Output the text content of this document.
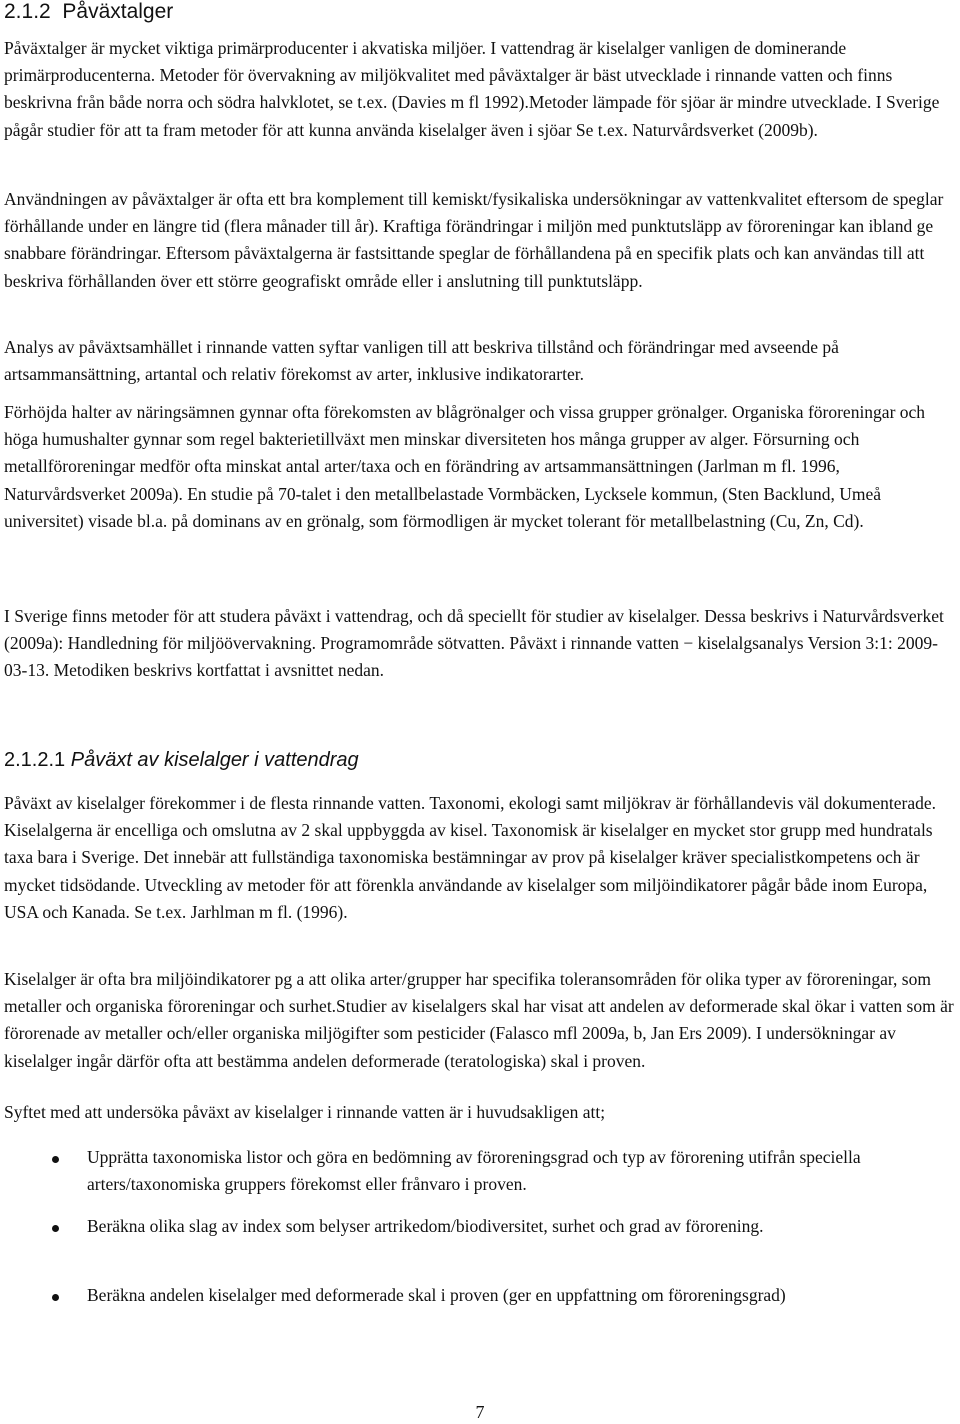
2.1.2 Påväxtalger

Påväxtalger är mycket viktiga primärproducenter i akvatiska miljöer. I vattendrag är kiselalger vanligen de dominerande primärproducenterna. Metoder för övervakning av miljökvalitet med påväxtalger är bäst utvecklade i rinnande vatten och finns beskrivna från både norra och södra halvklotet, se t.ex. (Davies m fl 1992).Metoder lämpade för sjöar är mindre utvecklade. I Sverige pågår studier för att ta fram metoder för att kunna använda kiselalger även i sjöar Se t.ex. Naturvårdsverket (2009b).

Användningen av påväxtalger är ofta ett bra komplement till kemiskt/fysikaliska undersökningar av vattenkvalitet eftersom de speglar förhållande under en längre tid (flera månader till år). Kraftiga förändringar i miljön med punktutsläpp av föroreningar kan ibland ge snabbare förändringar. Eftersom påväxtalgerna är fastsittande speglar de förhållandena på en specifik plats och kan användas till att beskriva förhållanden över ett större geografiskt område eller i anslutning till punktutsläpp.

Analys av påväxtsamhället i rinnande vatten syftar vanligen till att beskriva tillstånd och förändringar med avseende på artsammansättning, artantal och relativ förekomst av arter, inklusive indikatorarter.

Förhöjda halter av näringsämnen gynnar ofta förekomsten av blågrönalger och vissa grupper grönalger. Organiska föroreningar och höga humushalter gynnar som regel bakterietillväxt men minskar diversiteten hos många grupper av alger. Försurning och metallföroreningar medför ofta minskat antal arter/taxa och en förändring av artsammansättningen (Jarlman m fl. 1996, Naturvårdsverket 2009a). En studie på 70-talet i den metallbelastade Vormbäcken, Lycksele kommun, (Sten Backlund, Umeå universitet) visade bl.a. på dominans av en grönalg, som förmodligen är mycket tolerant för metallbelastning (Cu, Zn, Cd).

I Sverige finns metoder för att studera påväxt i vattendrag, och då speciellt för studier av kiselalger. Dessa beskrivs i Naturvårdsverket (2009a): Handledning för miljöövervakning. Programområde sötvatten. Påväxt i rinnande vatten − kiselalgsanalys Version 3:1: 2009-03-13. Metodiken beskrivs kortfattat i avsnittet nedan.

2.1.2.1 Påväxt av kiselalger i vattendrag

Påväxt av kiselalger förekommer i de flesta rinnande vatten. Taxonomi, ekologi samt miljökrav är förhållandevis väl dokumenterade. Kiselalgerna är encelliga och omslutna av 2 skal uppbyggda av kisel. Taxonomisk är kiselalger en mycket stor grupp med hundratals taxa bara i Sverige. Det innebär att fullständiga taxonomiska bestämningar av prov på kiselalger kräver specialistkompetens och är mycket tidsödande. Utveckling av metoder för att förenkla användande av kiselalger som miljöindikatorer pågår både inom Europa, USA och Kanada. Se t.ex. Jarhlman m fl. (1996).

Kiselalger är ofta bra miljöindikatorer pg a att olika arter/grupper har specifika toleransområden för olika typer av föroreningar, som metaller och organiska föroreningar och surhet.Studier av kiselalgers skal har visat att andelen av deformerade skal ökar i vatten som är förorenade av metaller och/eller organiska miljögifter som pesticider (Falasco mfl 2009a, b, Jan Ers 2009). I undersökningar av kiselalger ingår därför ofta att bestämma andelen deformerade (teratologiska) skal i proven.

Syftet med att undersöka påväxt av kiselalger i rinnande vatten är i huvudsakligen att;

Upprätta taxonomiska listor och göra en bedömning av föroreningsgrad och typ av förorening utifrån speciella arters/taxonomiska gruppers förekomst eller frånvaro i proven.
Beräkna olika slag av index som belyser artrikedom/biodiversitet, surhet och grad av förorening.
Beräkna andelen kiselalger med deformerade skal i proven (ger en uppfattning om föroreningsgrad)
7
